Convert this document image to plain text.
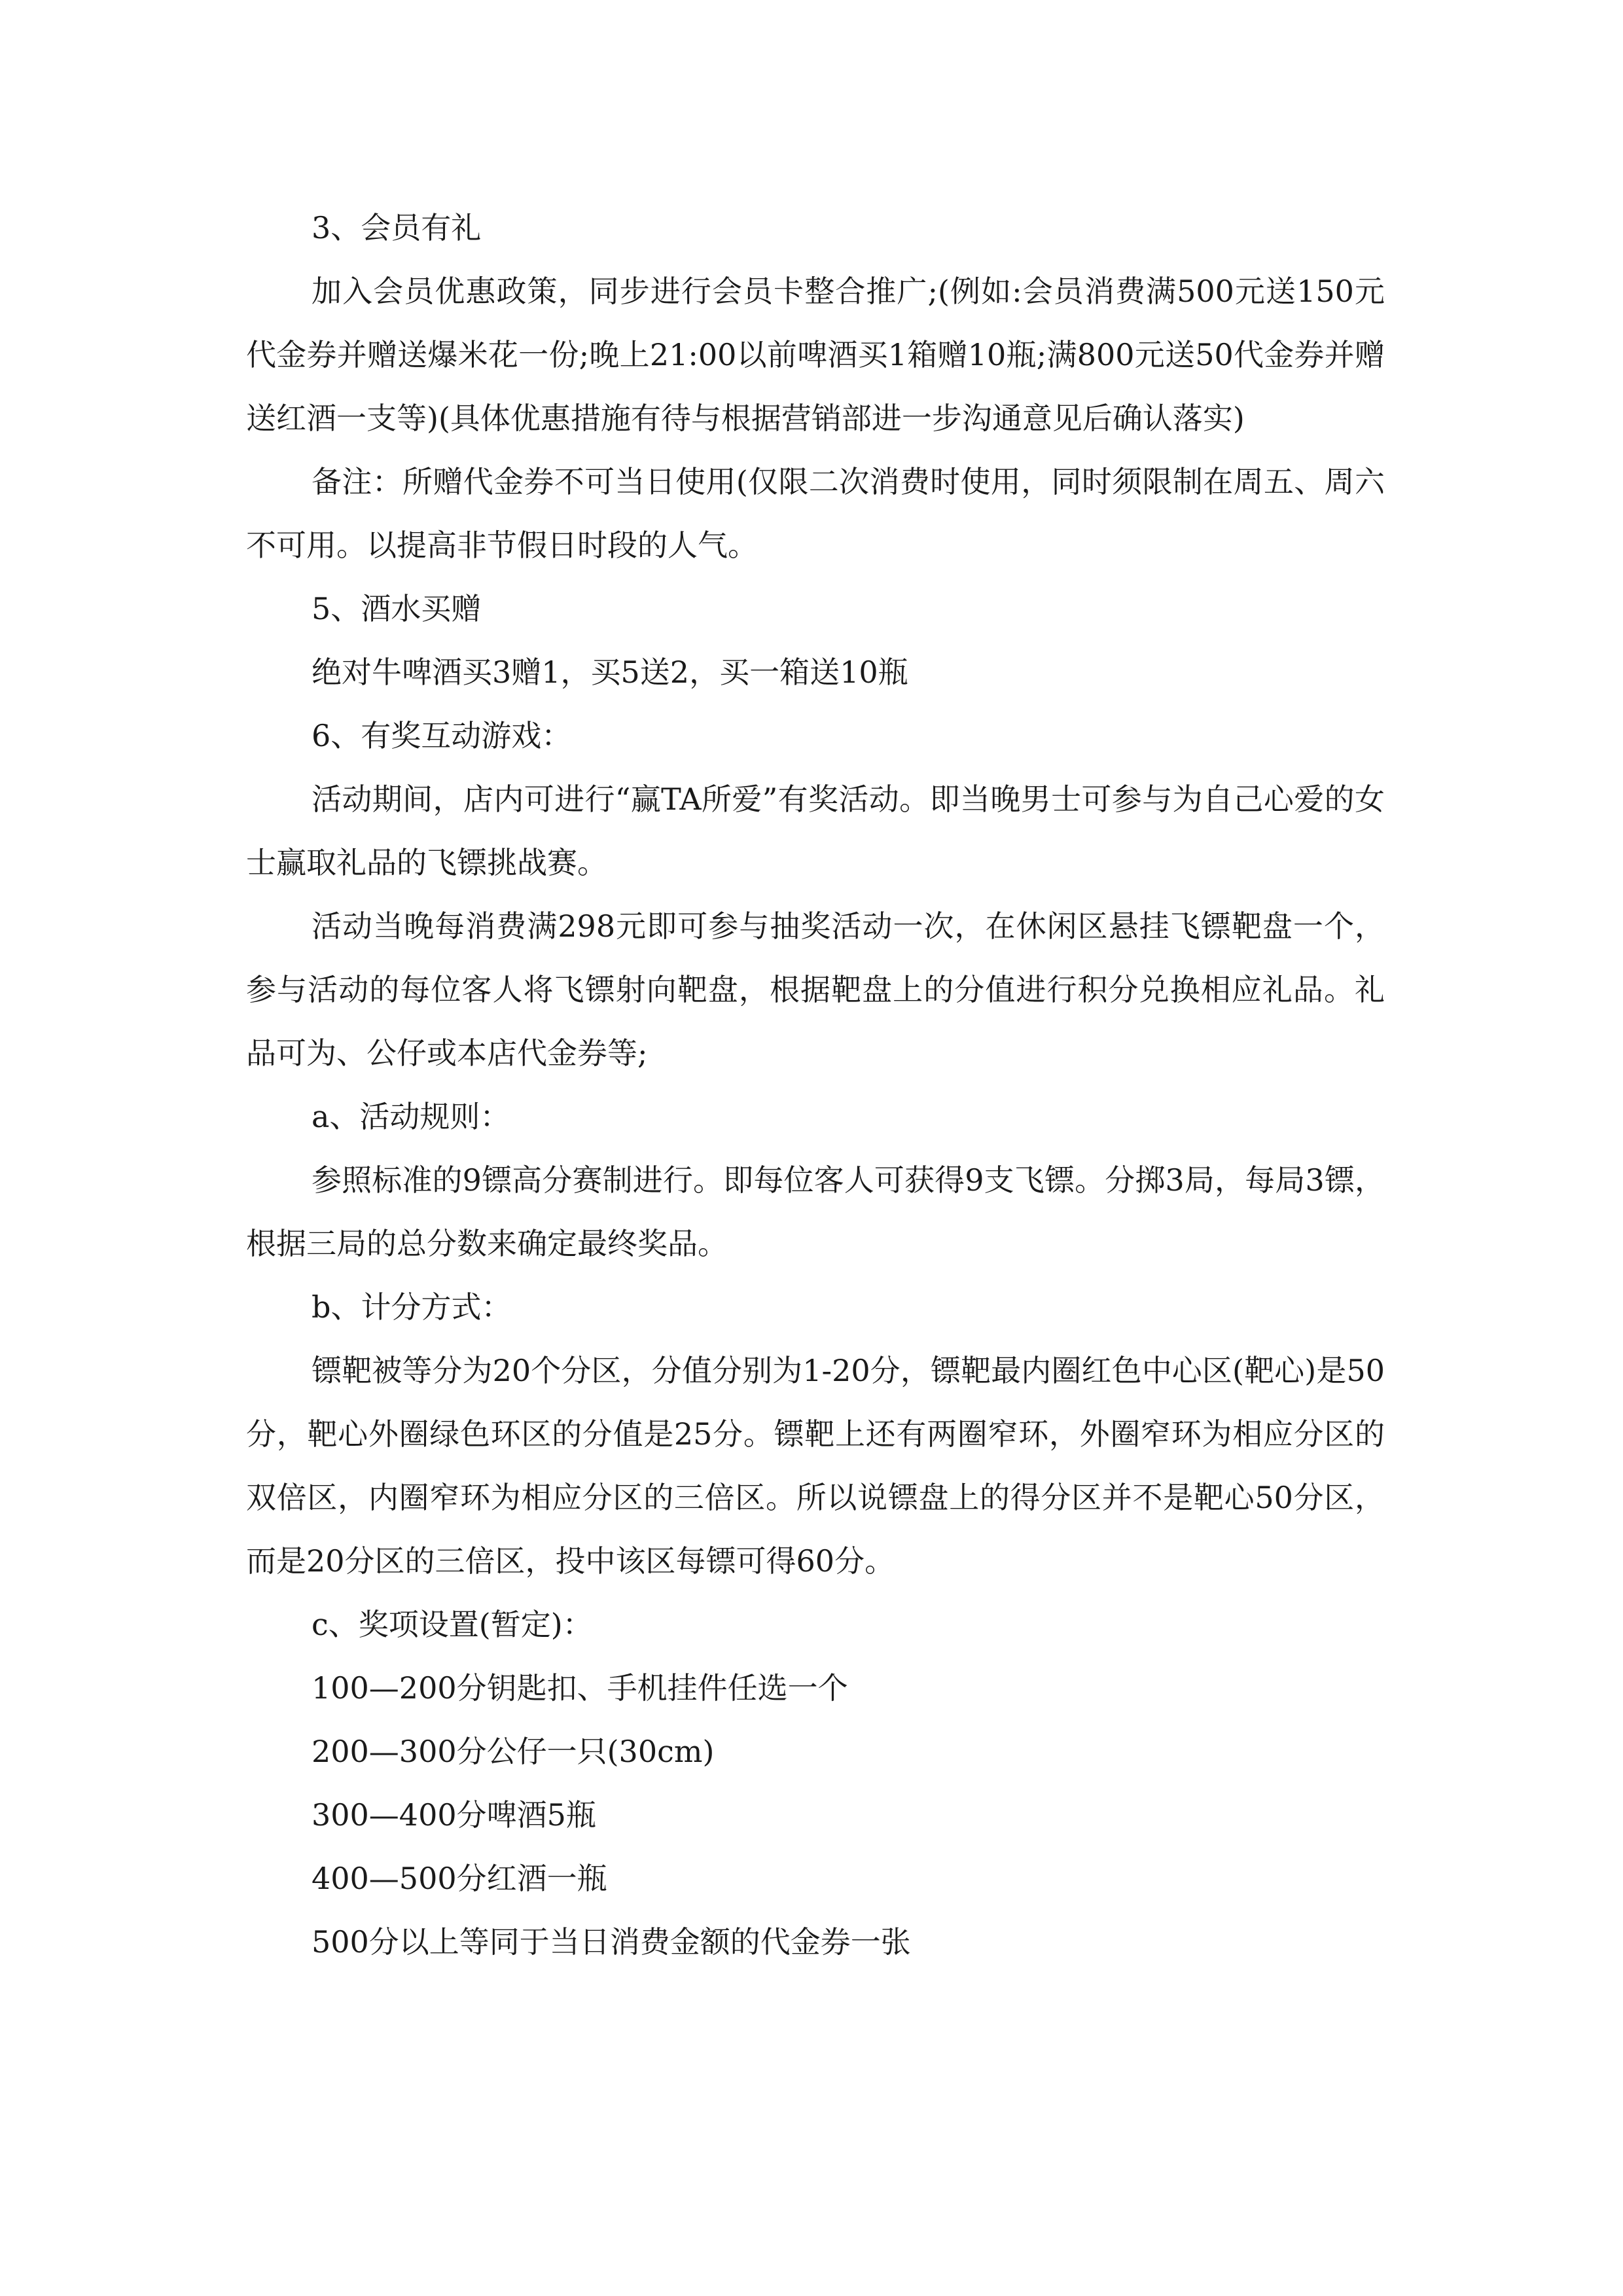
3、会员有礼

加入会员优惠政策，同步进行会员卡整合推广;(例如:会员消费满500元送150元代金券并赠送爆米花一份;晚上21:00以前啤酒买1箱赠10瓶;满800元送50代金券并赠送红酒一支等)(具体优惠措施有待与根据营销部进一步沟通意见后确认落实)

备注：所赠代金券不可当日使用(仅限二次消费时使用，同时须限制在周五、周六不可用。以提高非节假日时段的人气。

5、酒水买赠

绝对牛啤酒买3赠1，买5送2，买一箱送10瓶

6、有奖互动游戏：

活动期间，店内可进行“赢TA所爱”有奖活动。即当晚男士可参与为自己心爱的女士赢取礼品的飞镖挑战赛。

活动当晚每消费满298元即可参与抽奖活动一次，在休闲区悬挂飞镖靶盘一个，参与活动的每位客人将飞镖射向靶盘，根据靶盘上的分值进行积分兑换相应礼品。礼品可为、公仔或本店代金券等;

a、活动规则：

参照标准的9镖高分赛制进行。即每位客人可获得9支飞镖。分掷3局，每局3镖，根据三局的总分数来确定最终奖品。

b、计分方式：

镖靶被等分为20个分区，分值分别为1-20分，镖靶最内圈红色中心区(靶心)是50分，靶心外圈绿色环区的分值是25分。镖靶上还有两圈窄环，外圈窄环为相应分区的双倍区，内圈窄环为相应分区的三倍区。所以说镖盘上的得分区并不是靶心50分区，而是20分区的三倍区，投中该区每镖可得60分。

c、奖项设置(暂定)：

100—200分钥匙扣、手机挂件任选一个

200—300分公仔一只(30cm)

300—400分啤酒5瓶

400—500分红酒一瓶

500分以上等同于当日消费金额的代金券一张
